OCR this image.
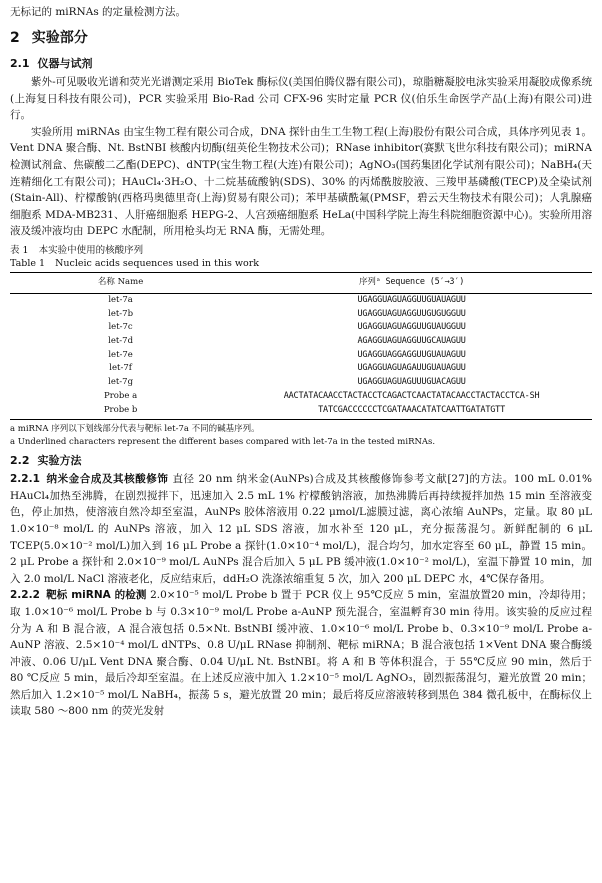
无标记的 miRNAs 的定量检测方法。

2 实验部分
2.1 仪器与试剂

紫外-可见吸收光谱和荧光光谱测定采用 BioTek 酶标仪(美国伯腾仪器有限公司)，琼脂糖凝胶电泳实验采用凝胶成像系统(上海复日科技有限公司)，PCR 实验采用 Bio-Rad 公司 CFX-96 实时定量 PCR 仪(伯乐生命医学产品(上海)有限公司)进行。

实验所用 miRNAs 由宝生物工程有限公司合成，DNA 探针由生工生物工程(上海)股份有限公司合成，具体序列见表 1。Vent DNA 聚合酶、Nt. BstNBI 核酸内切酶(纽英伦生物技术公司)；RNase inhibitor(赛默飞世尔科技有限公司)；miRNA 检测试剂盒、焦碳酸二乙酯(DEPC)、dNTP(宝生物工程(大连)有限公司)；AgNO₃(国药集团化学试剂有限公司)；NaBH₄(天连精细化工有限公司)；HAuCl₄·3H₂O、十二烷基硫酸钠(SDS)、30% 的丙烯酰胺胶液、三羧甲基磷酸(TECP)及全染试剂(Stain-All)、柠檬酸钠(西格玛奥德里奇(上海)贸易有限公司)；苯甲基磺酰氟(PMSF，碧云天生物技术有限公司)；人乳腺癌细胞系 MDA-MB231、人肝癌细胞系 HEPG-2、人宫颈癌细胞系 HeLa(中国科学院上海生科院细胞资源中心)。实验所用溶液及缓冲液均由 DEPC 水配制，所用枪头均无 RNA 酶，无需处理。

表 1 本实验中使用的核酸序列
Table 1 Nucleic acids sequences used in this work
名称 Name	序列ᵃ Sequence (5′→3′)
let-7a	UGAGGUAGUAGGUUGUAUAGUU
let-7b	UGAGGUAGUAGGUUGUGUGGUU
let-7c	UGAGGUAGUAGGUUGUAUGGUU
let-7d	AGAGGUAGUAGGUUGCAUAGUU
let-7e	UGAGGUAGGAGGUUGUAUAGUU
let-7f	UGAGGUAGUAGAUUGUAUAGUU
let-7g	UGAGGUAGUAGUUUGUACAGUU
Probe a	AACTATACAACCTACTACCTCAGACTCAACTATACAACCTACTACCTCA-SH
Probe b	TATCGACCCCCCTCGATAAACATATCAATTGATATGTT
a miRNA 序列以下划线部分代表与靶标 let-7a 不同的碱基序列。
a Underlined characters represent the different bases compared with let-7a in the tested miRNAs.
2.2 实验方法

2.2.1 纳米金合成及其核酸修饰 直径 20 nm 纳米金(AuNPs)合成及其核酸修饰参考文献[27]的方法。100 mL 0.01% HAuCl₄加热至沸腾，在剧烈搅拌下，迅速加入 2.5 mL 1% 柠檬酸钠溶液，加热沸腾后再持续搅拌加热 15 min 至溶液变色，停止加热，使溶液自然冷却至室温，AuNPs 胶体溶液用 0.22 μmol/L滤膜过滤，离心浓缩 AuNPs，定量。取 80 μL 1.0×10⁻⁸ mol/L 的 AuNPs 溶液，加入 12 μL SDS 溶液，加水补至 120 μL，充分振荡混匀。新鲜配制的 6 μL TCEP(5.0×10⁻² mol/L)加入到 16 μL Probe a 探针(1.0×10⁻⁴ mol/L)，混合均匀，加水定容至 60 μL，静置 15 min。2 μL Probe a 探针和 2.0×10⁻⁹ mol/L AuNPs 混合后加入 5 μL PB 缓冲液(1.0×10⁻² mol/L)，室温下静置 10 min，加入 2.0 mol/L NaCl 溶液老化，反应结束后，ddH₂O 洗涤浓缩重复 5 次，加入 200 μL DEPC 水，4℃保存备用。

2.2.2 靶标 miRNA 的检测 2.0×10⁻⁵ mol/L Probe b 置于 PCR 仪上 95℃反应 5 min，室温放置20 min，冷却待用；取 1.0×10⁻⁶ mol/L Probe b 与 0.3×10⁻⁹ mol/L Probe a-AuNP 预先混合，室温孵育30 min 待用。该实验的反应过程分为 A 和 B 混合液，A 混合液包括 0.5×Nt. BstNBI 缓冲液、1.0×10⁻⁶ mol/L Probe b、0.3×10⁻⁹ mol/L Probe a-AuNP 溶液、2.5×10⁻⁴ mol/L dNTPs、0.8 U/μL RNase 抑制剂、靶标 miRNA；B 混合液包括 1×Vent DNA 聚合酶缓冲液、0.06 U/μL Vent DNA 聚合酶、0.04 U/μL Nt. BstNBI。将 A 和 B 等体积混合，于 55℃反应 90 min，然后于 80 ℃反应 5 min，最后冷却至室温。在上述反应液中加入 1.2×10⁻⁵ mol/L AgNO₃，剧烈振荡混匀，避光放置 20 min；然后加入 1.2×10⁻⁵ mol/L NaBH₄，振荡 5 s，避光放置 20 min；最后将反应溶液转移到黑色 384 微孔板中，在酶标仪上读取 580 ～800 nm 的荧光发射
